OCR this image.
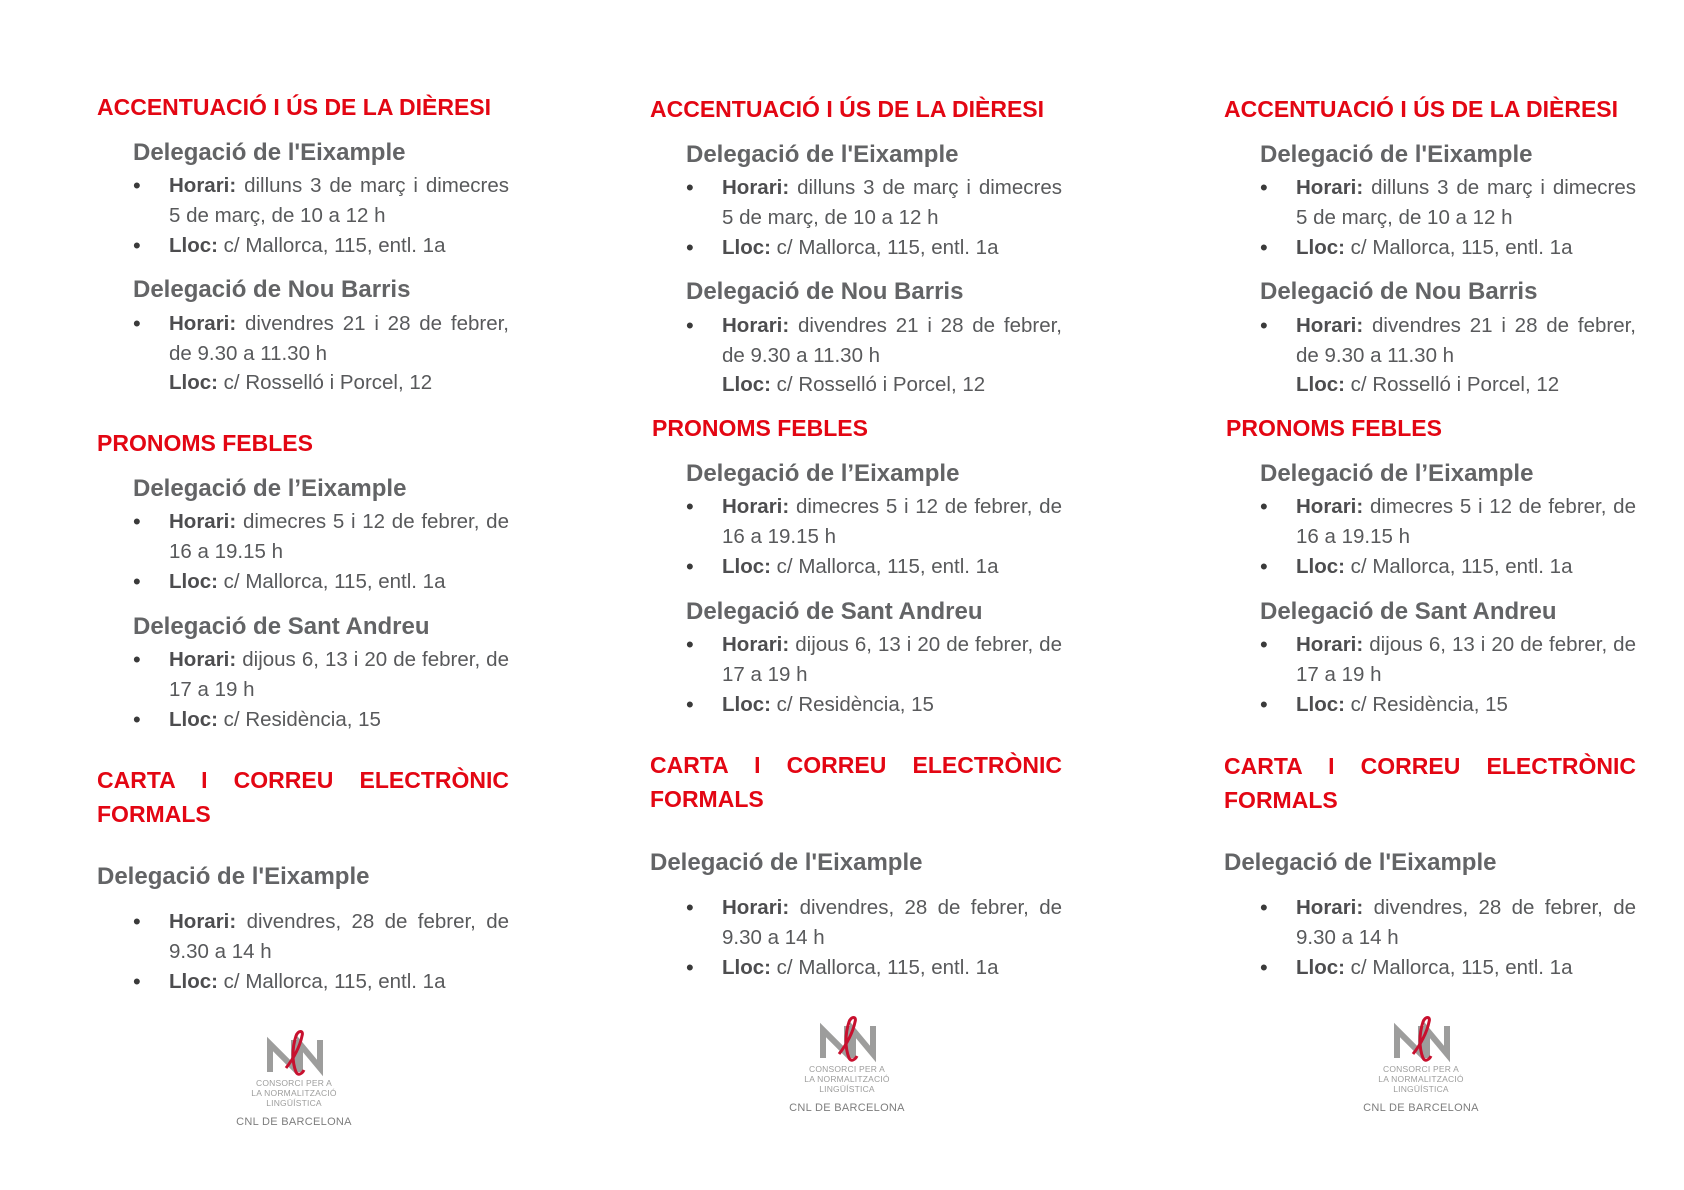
ACCENTUACIÓ I ÚS DE LA DIÈRESI
Delegació de l'Eixample

• Horari: dilluns 3 de març i dimecres 5 de març, de 10 a 12 h

• Lloc: c/ Mallorca, 115, entl. 1a

Delegació de Nou Barris

• Horari: divendres 21 i 28 de febrer, de 9.30 a 11.30 h

Lloc: c/ Rosselló i Porcel, 12

PRONOMS FEBLES
Delegació de l’Eixample

• Horari: dimecres 5 i 12 de febrer, de 16 a 19.15 h

• Lloc: c/ Mallorca, 115, entl. 1a

Delegació de Sant Andreu

• Horari: dijous 6, 13 i 20 de febrer, de 17 a 19 h

• Lloc: c/ Residència, 15

CARTA I CORREU ELECTRÒNIC
FORMALS
Delegació de l'Eixample

• Horari: divendres, 28 de febrer, de 9.30 a 14 h

• Lloc: c/ Mallorca, 115, entl. 1a

CONSORCI PER A
LA NORMALITZACIÓ
LINGÜÍSTICA
CNL DE BARCELONA
ACCENTUACIÓ I ÚS DE LA DIÈRESI
Delegació de l'Eixample

• Horari: dilluns 3 de març i dimecres 5 de març, de 10 a 12 h

• Lloc: c/ Mallorca, 115, entl. 1a

Delegació de Nou Barris

• Horari: divendres 21 i 28 de febrer, de 9.30 a 11.30 h

Lloc: c/ Rosselló i Porcel, 12

PRONOMS FEBLES
Delegació de l’Eixample

• Horari: dimecres 5 i 12 de febrer, de 16 a 19.15 h

• Lloc: c/ Mallorca, 115, entl. 1a

Delegació de Sant Andreu

• Horari: dijous 6, 13 i 20 de febrer, de 17 a 19 h

• Lloc: c/ Residència, 15

CARTA I CORREU ELECTRÒNIC
FORMALS
Delegació de l'Eixample

• Horari: divendres, 28 de febrer, de 9.30 a 14 h

• Lloc: c/ Mallorca, 115, entl. 1a

CONSORCI PER A
LA NORMALITZACIÓ
LINGÜÍSTICA
CNL DE BARCELONA
ACCENTUACIÓ I ÚS DE LA DIÈRESI
Delegació de l'Eixample

• Horari: dilluns 3 de març i dimecres 5 de març, de 10 a 12 h

• Lloc: c/ Mallorca, 115, entl. 1a

Delegació de Nou Barris

• Horari: divendres 21 i 28 de febrer, de 9.30 a 11.30 h

Lloc: c/ Rosselló i Porcel, 12

PRONOMS FEBLES
Delegació de l’Eixample

• Horari: dimecres 5 i 12 de febrer, de 16 a 19.15 h

• Lloc: c/ Mallorca, 115, entl. 1a

Delegació de Sant Andreu

• Horari: dijous 6, 13 i 20 de febrer, de 17 a 19 h

• Lloc: c/ Residència, 15

CARTA I CORREU ELECTRÒNIC
FORMALS
Delegació de l'Eixample

• Horari: divendres, 28 de febrer, de 9.30 a 14 h

• Lloc: c/ Mallorca, 115, entl. 1a

CONSORCI PER A
LA NORMALITZACIÓ
LINGÜÍSTICA
CNL DE BARCELONA
